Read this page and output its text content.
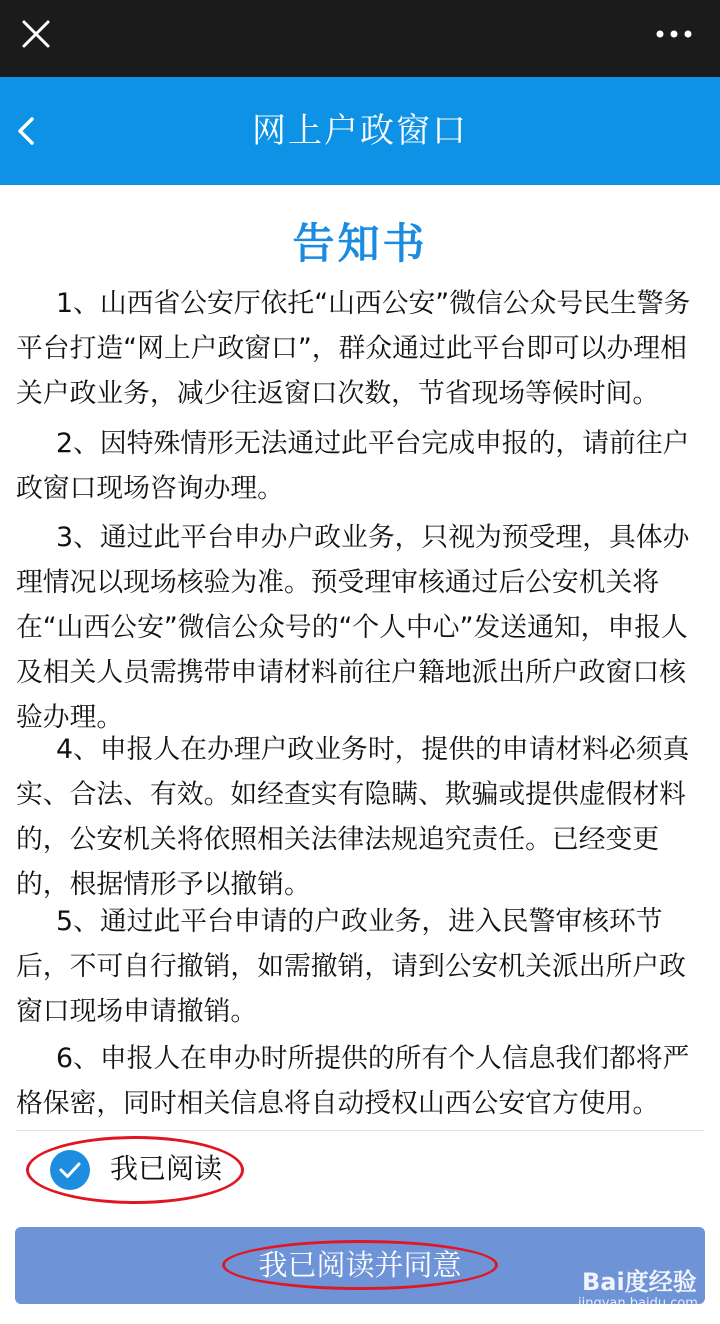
网上户政窗口
告知书

1、山西省公安厅依托“山西公安”微信公众号民生警务平台打造“网上户政窗口”，群众通过此平台即可以办理相关户政业务，减少往返窗口次数，节省现场等候时间。

2、因特殊情形无法通过此平台完成申报的，请前往户政窗口现场咨询办理。

3、通过此平台申办户政业务，只视为预受理，具体办理情况以现场核验为准。预受理审核通过后公安机关将在“山西公安”微信公众号的“个人中心”发送通知，申报人及相关人员需携带申请材料前往户籍地派出所户政窗口核验办理。

4、申报人在办理户政业务时，提供的申请材料必须真实、合法、有效。如经查实有隐瞒、欺骗或提供虚假材料的，公安机关将依照相关法律法规追究责任。已经变更的，根据情形予以撤销。

5、通过此平台申请的户政业务，进入民警审核环节后，不可自行撤销，如需撤销，请到公安机关派出所户政窗口现场申请撤销。

6、申报人在申办时所提供的所有个人信息我们都将严格保密，同时相关信息将自动授权山西公安官方使用。

我已阅读
我已阅读并同意	Bai度经验
jingyan.baidu.com
